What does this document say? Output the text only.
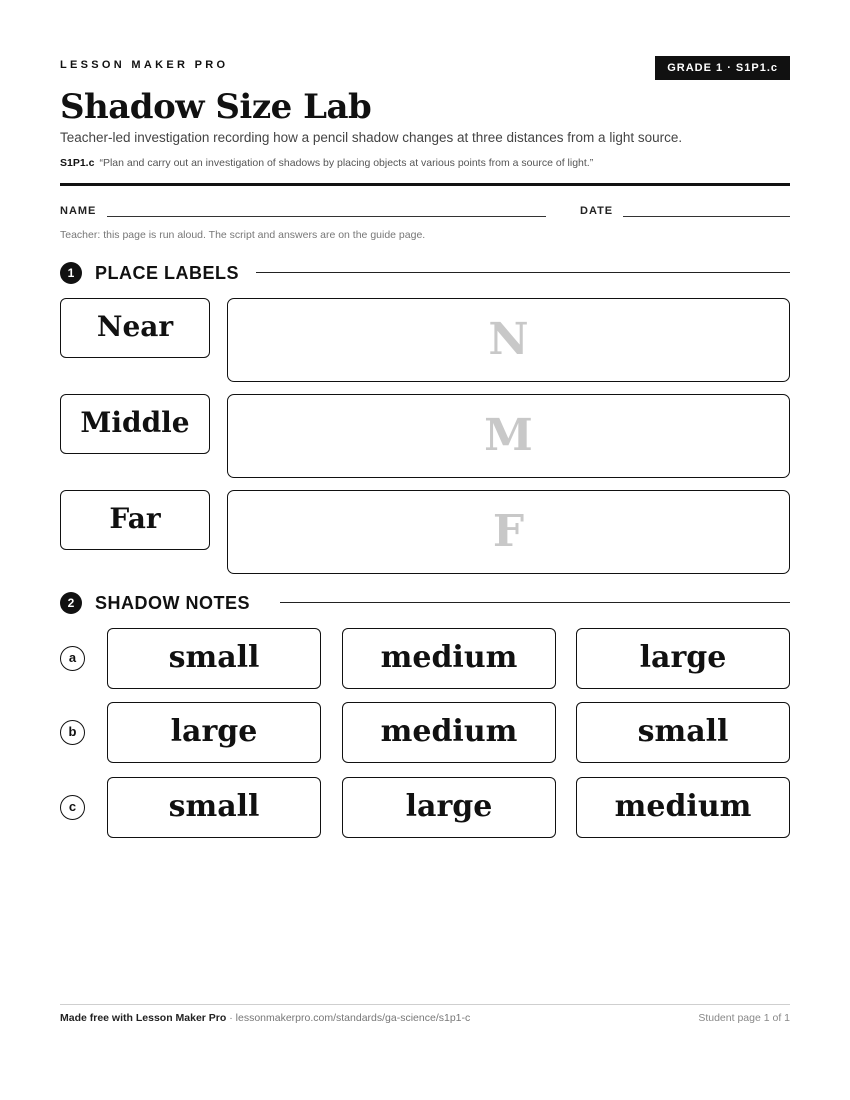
LESSON MAKER PRO	GRADE 1 · S1P1.c
Shadow Size Lab
Teacher-led investigation recording how a pencil shadow changes at three distances from a light source.
S1P1.c “Plan and carry out an investigation of shadows by placing objects at various points from a source of light.”
NAME	DATE
Teacher: this page is run aloud. The script and answers are on the guide page.
1	PLACE LABELS
Near	N
Middle	M
Far	F
2	SHADOW NOTES
a	small	medium	large
b	large	medium	small
c	small	large	medium
Made free with Lesson Maker Pro · lessonmakerpro.com/standards/ga-science/s1p1-c	Student page 1 of 1
